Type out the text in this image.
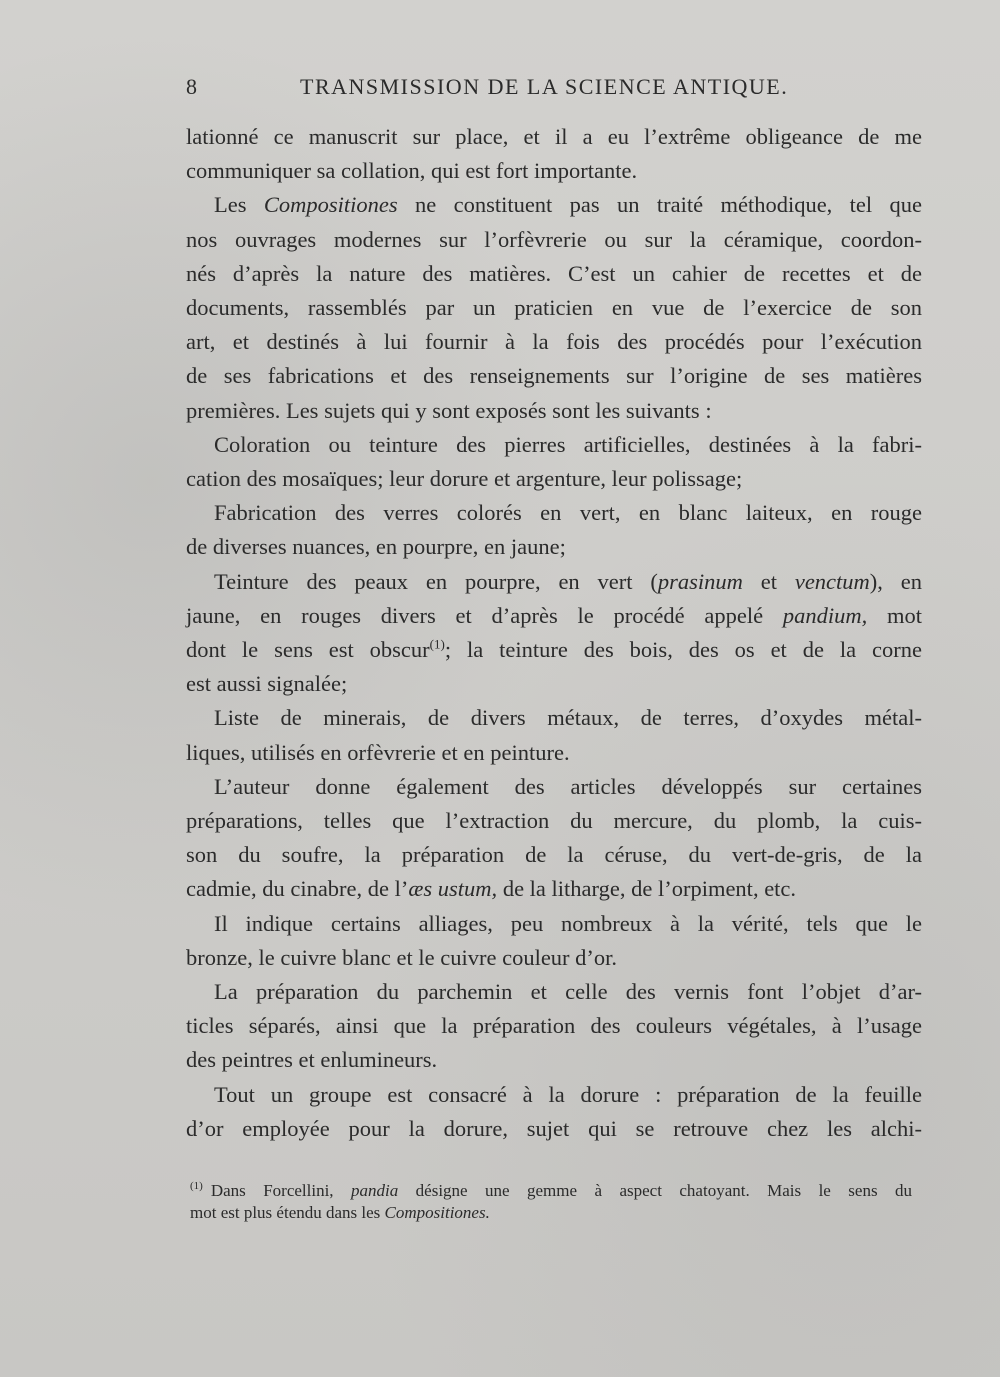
8	TRANSMISSION DE LA SCIENCE ANTIQUE.
lationné ce manuscrit sur place, et il a eu l’extrême obligeance de me
communiquer sa collation, qui est fort importante.
Les Compositiones ne constituent pas un traité méthodique, tel que
nos ouvrages modernes sur l’orfèvrerie ou sur la céramique, coordon-
nés d’après la nature des matières. C’est un cahier de recettes et de
documents, rassemblés par un praticien en vue de l’exercice de son
art, et destinés à lui fournir à la fois des procédés pour l’exécution
de ses fabrications et des renseignements sur l’origine de ses matières
premières. Les sujets qui y sont exposés sont les suivants :
Coloration ou teinture des pierres artificielles, destinées à la fabri-
cation des mosaïques; leur dorure et argenture, leur polissage;
Fabrication des verres colorés en vert, en blanc laiteux, en rouge
de diverses nuances, en pourpre, en jaune;
Teinture des peaux en pourpre, en vert (prasinum et venctum), en
jaune, en rouges divers et d’après le procédé appelé pandium, mot
dont le sens est obscur$^{(1)}$; la teinture des bois, des os et de la corne
est aussi signalée;
Liste de minerais, de divers métaux, de terres, d’oxydes métal-
liques, utilisés en orfèvrerie et en peinture.
L’auteur donne également des articles développés sur certaines
préparations, telles que l’extraction du mercure, du plomb, la cuis-
son du soufre, la préparation de la céruse, du vert-de-gris, de la
cadmie, du cinabre, de l’æs ustum, de la litharge, de l’orpiment, etc.
Il indique certains alliages, peu nombreux à la vérité, tels que le
bronze, le cuivre blanc et le cuivre couleur d’or.
La préparation du parchemin et celle des vernis font l’objet d’ar-
ticles séparés, ainsi que la préparation des couleurs végétales, à l’usage
des peintres et enlumineurs.
Tout un groupe est consacré à la dorure : préparation de la feuille
d’or employée pour la dorure, sujet qui se retrouve chez les alchi-
$^{(1)}$ Dans Forcellini, pandia désigne une gemme à aspect chatoyant. Mais le sens du
mot est plus étendu dans les Compositiones.
